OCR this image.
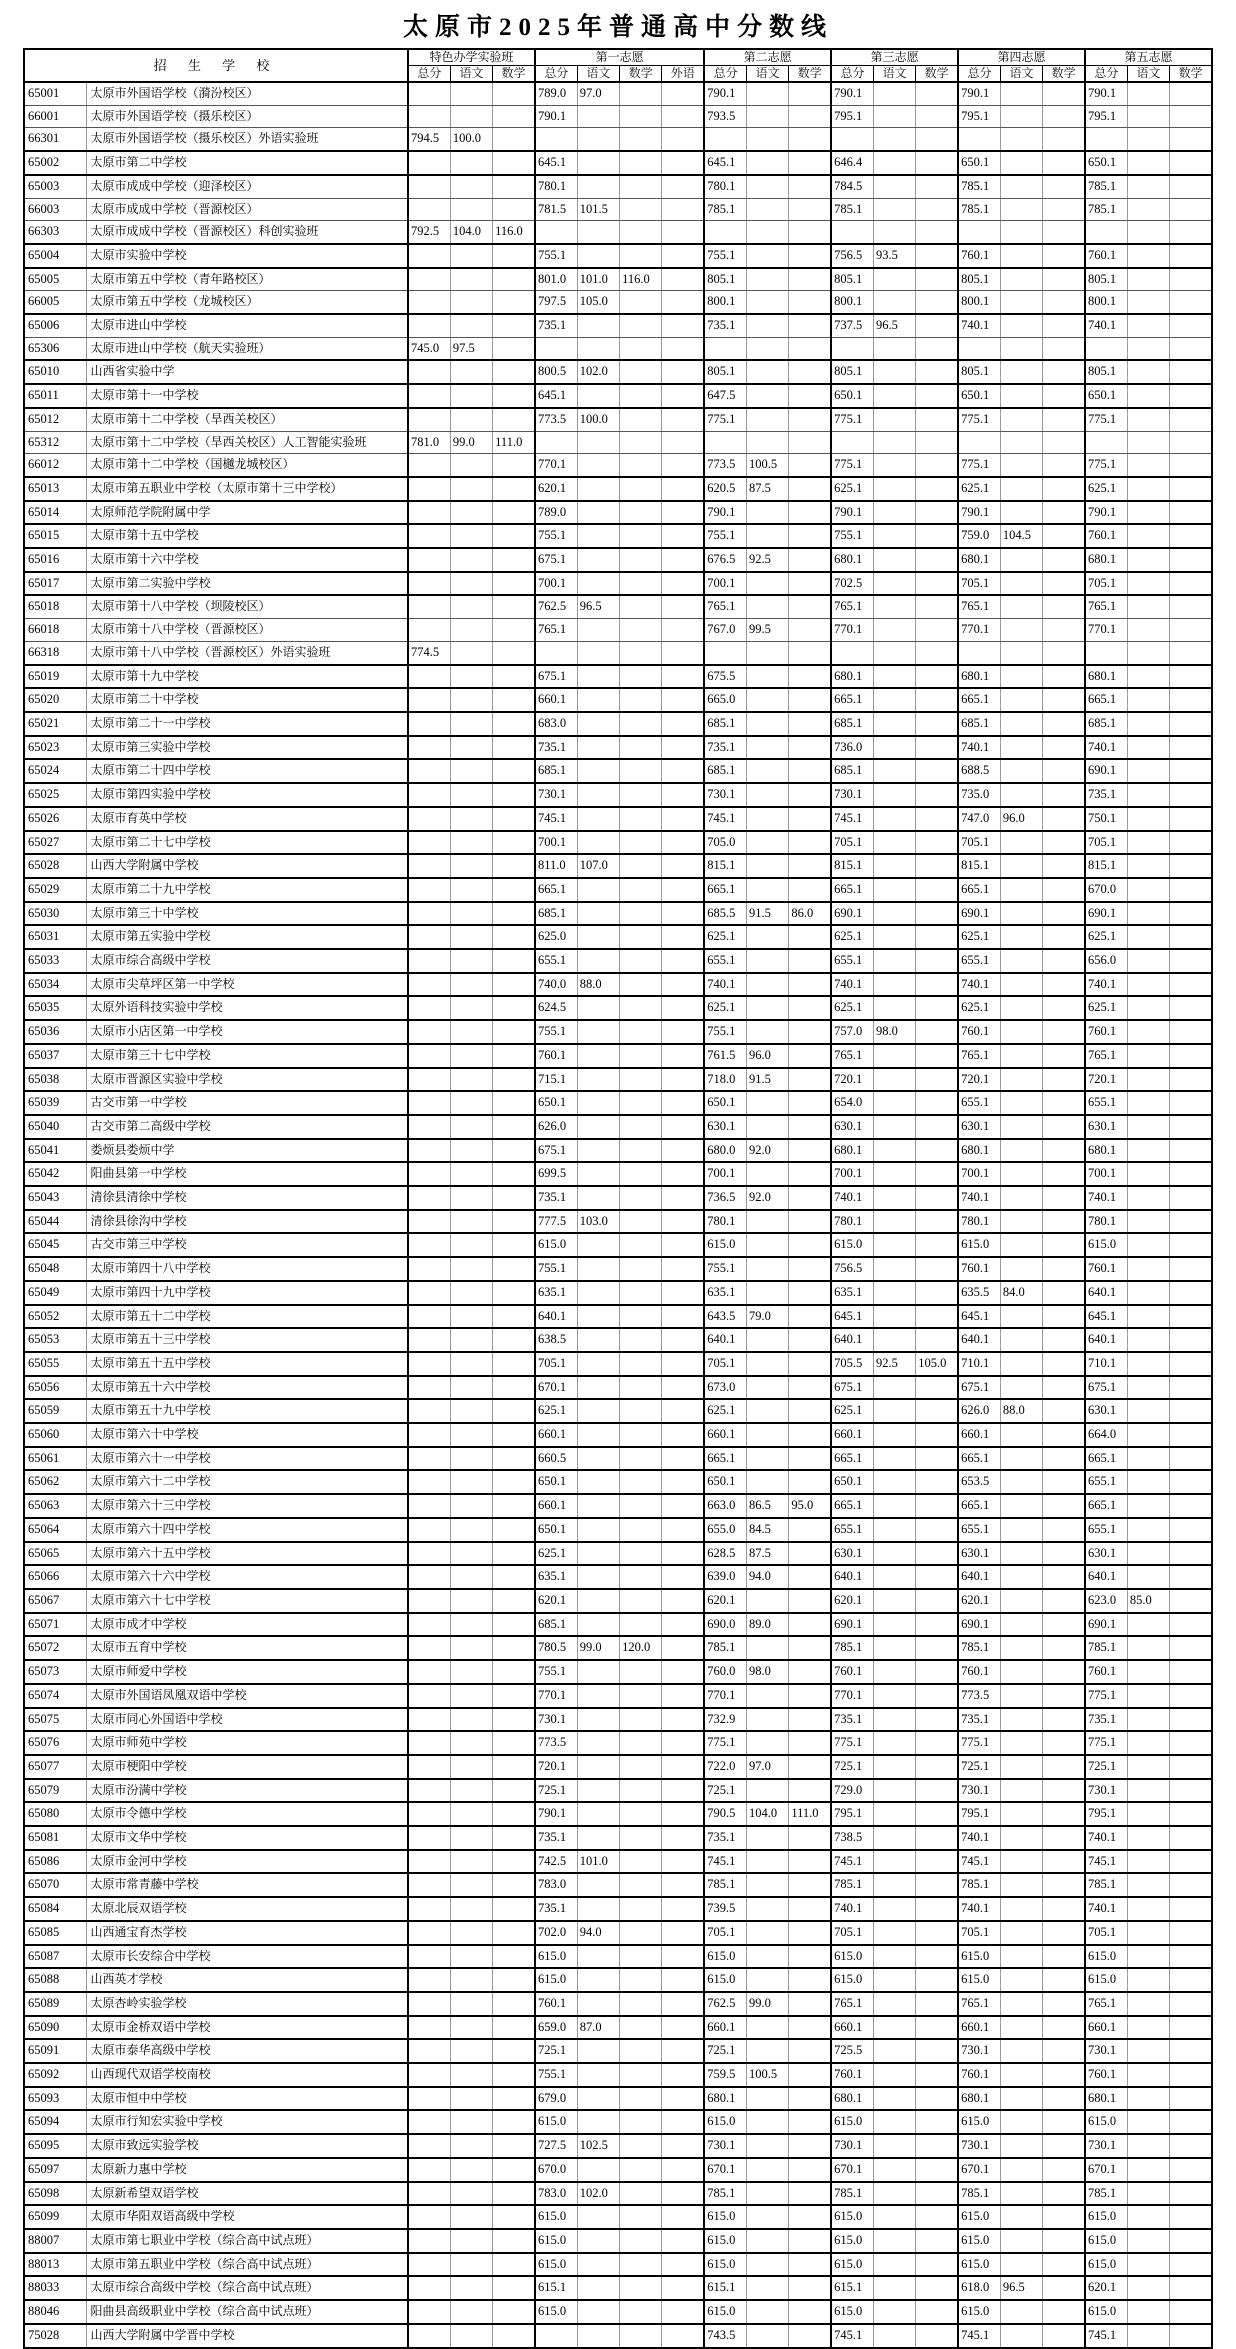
太原市2025年普通高中分数线
招 生 学 校		特色办学实验班			第一志愿				第二志愿			第三志愿			第四志愿			第五志愿		
		总分	语文	数学	总分	语文	数学	外语	总分	语文	数学	总分	语文	数学	总分	语文	数学	总分	语文	数学
65001	太原市外国语学校（漪汾校区）				789.0	97.0			790.1			790.1			790.1			790.1		
66001	太原市外国语学校（摄乐校区）				790.1				793.5			795.1			795.1			795.1		
66301	太原市外国语学校（摄乐校区）外语实验班	794.5	100.0																	
65002	太原市第二中学校				645.1				645.1			646.4			650.1			650.1		
65003	太原市成成中学校（迎泽校区）				780.1				780.1			784.5			785.1			785.1		
66003	太原市成成中学校（晋源校区）				781.5	101.5			785.1			785.1			785.1			785.1		
66303	太原市成成中学校（晋源校区）科创实验班	792.5	104.0	116.0																
65004	太原市实验中学校				755.1				755.1			756.5	93.5		760.1			760.1		
65005	太原市第五中学校（青年路校区）				801.0	101.0	116.0		805.1			805.1			805.1			805.1		
66005	太原市第五中学校（龙城校区）				797.5	105.0			800.1			800.1			800.1			800.1		
65006	太原市进山中学校				735.1				735.1			737.5	96.5		740.1			740.1		
65306	太原市进山中学校（航天实验班）	745.0	97.5																	
65010	山西省实验中学				800.5	102.0			805.1			805.1			805.1			805.1		
65011	太原市第十一中学校				645.1				647.5			650.1			650.1			650.1		
65012	太原市第十二中学校（旱西关校区）				773.5	100.0			775.1			775.1			775.1			775.1		
65312	太原市第十二中学校（旱西关校区）人工智能实验班	781.0	99.0	111.0																
66012	太原市第十二中学校（国樾龙城校区）				770.1				773.5	100.5		775.1			775.1			775.1		
65013	太原市第五职业中学校（太原市第十三中学校）				620.1				620.5	87.5		625.1			625.1			625.1		
65014	太原师范学院附属中学				789.0				790.1			790.1			790.1			790.1		
65015	太原市第十五中学校				755.1				755.1			755.1			759.0	104.5		760.1		
65016	太原市第十六中学校				675.1				676.5	92.5		680.1			680.1			680.1		
65017	太原市第二实验中学校				700.1				700.1			702.5			705.1			705.1		
65018	太原市第十八中学校（坝陵校区）				762.5	96.5			765.1			765.1			765.1			765.1		
66018	太原市第十八中学校（晋源校区）				765.1				767.0	99.5		770.1			770.1			770.1		
66318	太原市第十八中学校（晋源校区）外语实验班	774.5																		
65019	太原市第十九中学校				675.1				675.5			680.1			680.1			680.1		
65020	太原市第二十中学校				660.1				665.0			665.1			665.1			665.1		
65021	太原市第二十一中学校				683.0				685.1			685.1			685.1			685.1		
65023	太原市第三实验中学校				735.1				735.1			736.0			740.1			740.1		
65024	太原市第二十四中学校				685.1				685.1			685.1			688.5			690.1		
65025	太原市第四实验中学校				730.1				730.1			730.1			735.0			735.1		
65026	太原市育英中学校				745.1				745.1			745.1			747.0	96.0		750.1		
65027	太原市第二十七中学校				700.1				705.0			705.1			705.1			705.1		
65028	山西大学附属中学校				811.0	107.0			815.1			815.1			815.1			815.1		
65029	太原市第二十九中学校				665.1				665.1			665.1			665.1			670.0		
65030	太原市第三十中学校				685.1				685.5	91.5	86.0	690.1			690.1			690.1		
65031	太原市第五实验中学校				625.0				625.1			625.1			625.1			625.1		
65033	太原市综合高级中学校				655.1				655.1			655.1			655.1			656.0		
65034	太原市尖草坪区第一中学校				740.0	88.0			740.1			740.1			740.1			740.1		
65035	太原外语科技实验中学校				624.5				625.1			625.1			625.1			625.1		
65036	太原市小店区第一中学校				755.1				755.1			757.0	98.0		760.1			760.1		
65037	太原市第三十七中学校				760.1				761.5	96.0		765.1			765.1			765.1		
65038	太原市晋源区实验中学校				715.1				718.0	91.5		720.1			720.1			720.1		
65039	古交市第一中学校				650.1				650.1			654.0			655.1			655.1		
65040	古交市第二高级中学校				626.0				630.1			630.1			630.1			630.1		
65041	娄烦县娄烦中学				675.1				680.0	92.0		680.1			680.1			680.1		
65042	阳曲县第一中学校				699.5				700.1			700.1			700.1			700.1		
65043	清徐县清徐中学校				735.1				736.5	92.0		740.1			740.1			740.1		
65044	清徐县徐沟中学校				777.5	103.0			780.1			780.1			780.1			780.1		
65045	古交市第三中学校				615.0				615.0			615.0			615.0			615.0		
65048	太原市第四十八中学校				755.1				755.1			756.5			760.1			760.1		
65049	太原市第四十九中学校				635.1				635.1			635.1			635.5	84.0		640.1		
65052	太原市第五十二中学校				640.1				643.5	79.0		645.1			645.1			645.1		
65053	太原市第五十三中学校				638.5				640.1			640.1			640.1			640.1		
65055	太原市第五十五中学校				705.1				705.1			705.5	92.5	105.0	710.1			710.1		
65056	太原市第五十六中学校				670.1				673.0			675.1			675.1			675.1		
65059	太原市第五十九中学校				625.1				625.1			625.1			626.0	88.0		630.1		
65060	太原市第六十中学校				660.1				660.1			660.1			660.1			664.0		
65061	太原市第六十一中学校				660.5				665.1			665.1			665.1			665.1		
65062	太原市第六十二中学校				650.1				650.1			650.1			653.5			655.1		
65063	太原市第六十三中学校				660.1				663.0	86.5	95.0	665.1			665.1			665.1		
65064	太原市第六十四中学校				650.1				655.0	84.5		655.1			655.1			655.1		
65065	太原市第六十五中学校				625.1				628.5	87.5		630.1			630.1			630.1		
65066	太原市第六十六中学校				635.1				639.0	94.0		640.1			640.1			640.1		
65067	太原市第六十七中学校				620.1				620.1			620.1			620.1			623.0	85.0	
65071	太原市成才中学校				685.1				690.0	89.0		690.1			690.1			690.1		
65072	太原市五育中学校				780.5	99.0	120.0		785.1			785.1			785.1			785.1		
65073	太原市师爱中学校				755.1				760.0	98.0		760.1			760.1			760.1		
65074	太原市外国语凤凰双语中学校				770.1				770.1			770.1			773.5			775.1		
65075	太原市同心外国语中学校				730.1				732.9			735.1			735.1			735.1		
65076	太原市师苑中学校				773.5				775.1			775.1			775.1			775.1		
65077	太原市梗阳中学校				720.1				722.0	97.0		725.1			725.1			725.1		
65079	太原市汾满中学校				725.1				725.1			729.0			730.1			730.1		
65080	太原市令德中学校				790.1				790.5	104.0	111.0	795.1			795.1			795.1		
65081	太原市文华中学校				735.1				735.1			738.5			740.1			740.1		
65086	太原市金河中学校				742.5	101.0			745.1			745.1			745.1			745.1		
65070	太原市常青藤中学校				783.0				785.1			785.1			785.1			785.1		
65084	太原北辰双语学校				735.1				739.5			740.1			740.1			740.1		
65085	山西通宝育杰学校				702.0	94.0			705.1			705.1			705.1			705.1		
65087	太原市长安综合中学校				615.0				615.0			615.0			615.0			615.0		
65088	山西英才学校				615.0				615.0			615.0			615.0			615.0		
65089	太原杏岭实验学校				760.1				762.5	99.0		765.1			765.1			765.1		
65090	太原市金桥双语中学校				659.0	87.0			660.1			660.1			660.1			660.1		
65091	太原市泰华高级中学校				725.1				725.1			725.5			730.1			730.1		
65092	山西现代双语学校南校				755.1				759.5	100.5		760.1			760.1			760.1		
65093	太原市恒中中学校				679.0				680.1			680.1			680.1			680.1		
65094	太原市行知宏实验中学校				615.0				615.0			615.0			615.0			615.0		
65095	太原市致远实验学校				727.5	102.5			730.1			730.1			730.1			730.1		
65097	太原新力惠中学校				670.0				670.1			670.1			670.1			670.1		
65098	太原新希望双语学校				783.0	102.0			785.1			785.1			785.1			785.1		
65099	太原市华阳双语高级中学校				615.0				615.0			615.0			615.0			615.0		
88007	太原市第七职业中学校（综合高中试点班）				615.0				615.0			615.0			615.0			615.0		
88013	太原市第五职业中学校（综合高中试点班）				615.0				615.0			615.0			615.0			615.0		
88033	太原市综合高级中学校（综合高中试点班）				615.1				615.1			615.1			618.0	96.5		620.1		
88046	阳曲县高级职业中学校（综合高中试点班）				615.0				615.0			615.0			615.0			615.0		
75028	山西大学附属中学晋中学校								743.5			745.1			745.1			745.1		
